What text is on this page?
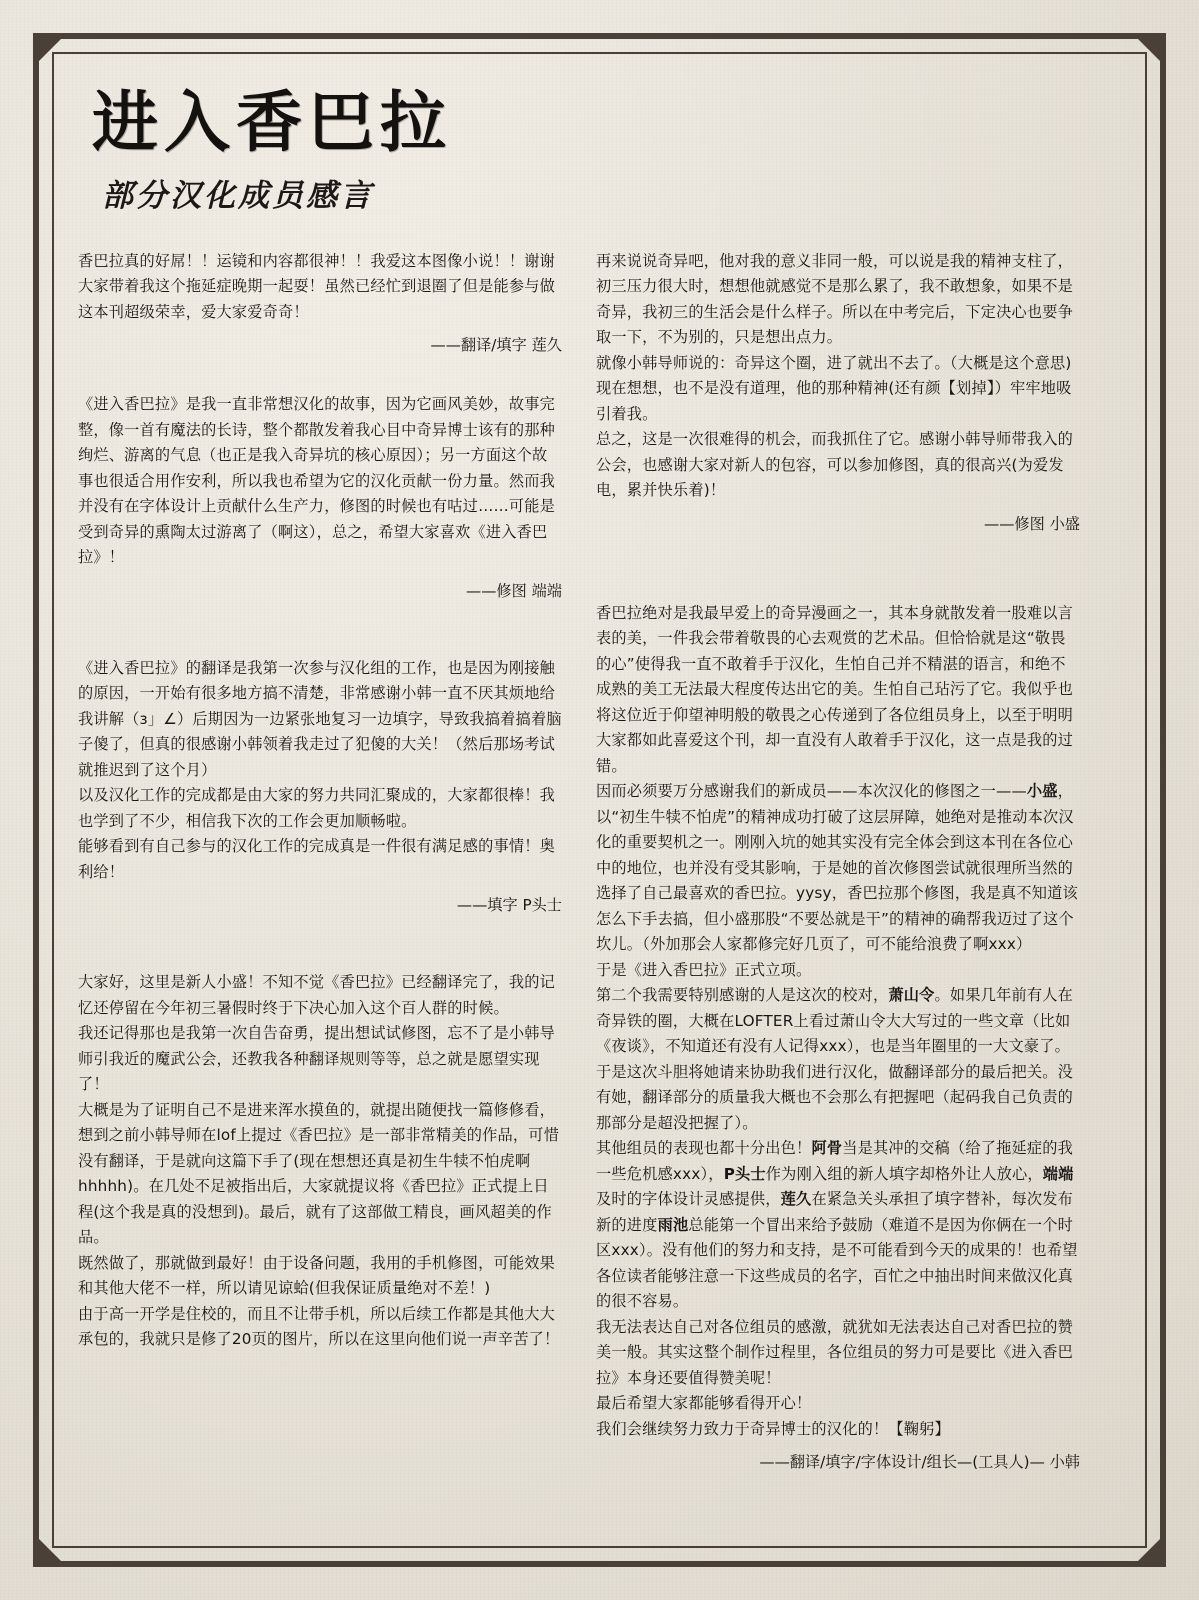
进入香巴拉
部分汉化成员感言

香巴拉真的好屌！！运镜和内容都很神！！我爱这本图像小说！！谢谢大家带着我这个拖延症晚期一起耍！虽然已经忙到退圈了但是能参与做这本刊超级荣幸，爱大家爱奇奇！

——翻译/填字 莲久

《进入香巴拉》是我一直非常想汉化的故事，因为它画风美妙，故事完整，像一首有魔法的长诗，整个都散发着我心目中奇异博士该有的那种绚烂、游离的气息（也正是我入奇异坑的核心原因）；另一方面这个故事也很适合用作安利，所以我也希望为它的汉化贡献一份力量。然而我并没有在字体设计上贡献什么生产力，修图的时候也有咕过……可能是受到奇异的熏陶太过游离了（啊这），总之，希望大家喜欢《进入香巴拉》！

——修图 端端

《进入香巴拉》的翻译是我第一次参与汉化组的工作，也是因为刚接触的原因，一开始有很多地方搞不清楚，非常感谢小韩一直不厌其烦地给我讲解（з」∠）后期因为一边紧张地复习一边填字，导致我搞着搞着脑子傻了，但真的很感谢小韩领着我走过了犯傻的大关！（然后那场考试就推迟到了这个月）
以及汉化工作的完成都是由大家的努力共同汇聚成的，大家都很棒！我也学到了不少，相信我下次的工作会更加顺畅啦。
能够看到有自己参与的汉化工作的完成真是一件很有满足感的事情！奥利给！

——填字 P头士

大家好，这里是新人小盛！不知不觉《香巴拉》已经翻译完了，我的记忆还停留在今年初三暑假时终于下决心加入这个百人群的时候。
我还记得那也是我第一次自告奋勇，提出想试试修图，忘不了是小韩导师引我近的魔武公会，还教我各种翻译规则等等，总之就是愿望实现了！
大概是为了证明自己不是进来浑水摸鱼的，就提出随便找一篇修修看，想到之前小韩导师在lof上提过《香巴拉》是一部非常精美的作品，可惜没有翻译，于是就向这篇下手了(现在想想还真是初生牛犊不怕虎啊hhhhh)。在几处不足被指出后，大家就提议将《香巴拉》正式提上日程(这个我是真的没想到)。最后，就有了这部做工精良，画风超美的作品。
既然做了，那就做到最好！由于设备问题，我用的手机修图，可能效果和其他大佬不一样，所以请见谅蛤(但我保证质量绝对不差！)
由于高一开学是住校的，而且不让带手机，所以后续工作都是其他大大承包的，我就只是修了20页的图片，所以在这里向他们说一声辛苦了！

再来说说奇异吧，他对我的意义非同一般，可以说是我的精神支柱了，初三压力很大时，想想他就感觉不是那么累了，我不敢想象，如果不是奇异，我初三的生活会是什么样子。所以在中考完后，下定决心也要争取一下，不为别的，只是想出点力。
就像小韩导师说的：奇异这个圈，进了就出不去了。（大概是这个意思)现在想想，也不是没有道理，他的那种精神(还有颜【划掉】）牢牢地吸引着我。
总之，这是一次很难得的机会，而我抓住了它。感谢小韩导师带我入的公会，也感谢大家对新人的包容，可以参加修图，真的很高兴(为爱发电，累并快乐着)！

——修图 小盛

香巴拉绝对是我最早爱上的奇异漫画之一，其本身就散发着一股难以言表的美，一件我会带着敬畏的心去观赏的艺术品。但恰恰就是这“敬畏的心”使得我一直不敢着手于汉化，生怕自己并不精湛的语言，和绝不成熟的美工无法最大程度传达出它的美。生怕自己玷污了它。我似乎也将这位近于仰望神明般的敬畏之心传递到了各位组员身上，以至于明明大家都如此喜爱这个刊，却一直没有人敢着手于汉化，这一点是我的过错。
因而必须要万分感谢我们的新成员——本次汉化的修图之一——小盛，以“初生牛犊不怕虎”的精神成功打破了这层屏障，她绝对是推动本次汉化的重要契机之一。刚刚入坑的她其实没有完全体会到这本刊在各位心中的地位，也并没有受其影响，于是她的首次修图尝试就很理所当然的选择了自己最喜欢的香巴拉。yysy，香巴拉那个修图，我是真不知道该怎么下手去搞，但小盛那股“不要怂就是干”的精神的确帮我迈过了这个坎儿。（外加那会人家都修完好几页了，可不能给浪费了啊xxx）
于是《进入香巴拉》正式立项。
第二个我需要特别感谢的人是这次的校对，萧山令。如果几年前有人在奇异铁的圈，大概在LOFTER上看过萧山令大大写过的一些文章（比如《夜谈》，不知道还有没有人记得xxx），也是当年圈里的一大文豪了。于是这次斗胆将她请来协助我们进行汉化，做翻译部分的最后把关。没有她，翻译部分的质量我大概也不会那么有把握吧（起码我自己负责的那部分是超没把握了）。
其他组员的表现也都十分出色！阿骨当是其冲的交稿（给了拖延症的我一些危机感xxx），P头士作为刚入组的新人填字却格外让人放心，端端及时的字体设计灵感提供，莲久在紧急关头承担了填字替补，每次发布新的进度雨池总能第一个冒出来给予鼓励（难道不是因为你俩在一个时区xxx）。没有他们的努力和支持，是不可能看到今天的成果的！也希望各位读者能够注意一下这些成员的名字，百忙之中抽出时间来做汉化真的很不容易。
我无法表达自己对各位组员的感激，就犹如无法表达自己对香巴拉的赞美一般。其实这整个制作过程里，各位组员的努力可是要比《进入香巴拉》本身还要值得赞美呢！
最后希望大家都能够看得开心！
我们会继续努力致力于奇异博士的汉化的！【鞠躬】

——翻译/填字/字体设计/组长—(工具人)— 小韩
